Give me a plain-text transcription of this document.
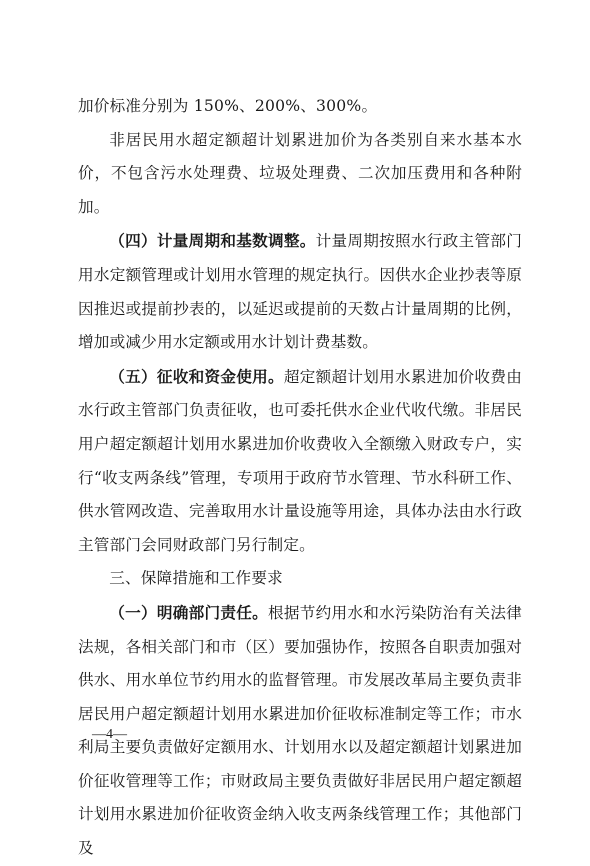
加价标准分别为 150%、200%、300%。

非居民用水超定额超计划累进加价为各类别自来水基本水价，不包含污水处理费、垃圾处理费、二次加压费用和各种附加。

（四）计量周期和基数调整。计量周期按照水行政主管部门用水定额管理或计划用水管理的规定执行。因供水企业抄表等原因推迟或提前抄表的，以延迟或提前的天数占计量周期的比例，增加或减少用水定额或用水计划计费基数。

（五）征收和资金使用。超定额超计划用水累进加价收费由水行政主管部门负责征收，也可委托供水企业代收代缴。非居民用户超定额超计划用水累进加价收费收入全额缴入财政专户，实行“收支两条线”管理，专项用于政府节水管理、节水科研工作、供水管网改造、完善取用水计量设施等用途，具体办法由水行政主管部门会同财政部门另行制定。

三、保障措施和工作要求

（一）明确部门责任。根据节约用水和水污染防治有关法律法规，各相关部门和市（区）要加强协作，按照各自职责加强对供水、用水单位节约用水的监督管理。市发展改革局主要负责非居民用户超定额超计划用水累进加价征收标准制定等工作；市水利局主要负责做好定额用水、计划用水以及超定额超计划累进加价征收管理等工作；市财政局主要负责做好非居民用户超定额超计划用水累进加价征收资金纳入收支两条线管理工作；其他部门及

—4—
